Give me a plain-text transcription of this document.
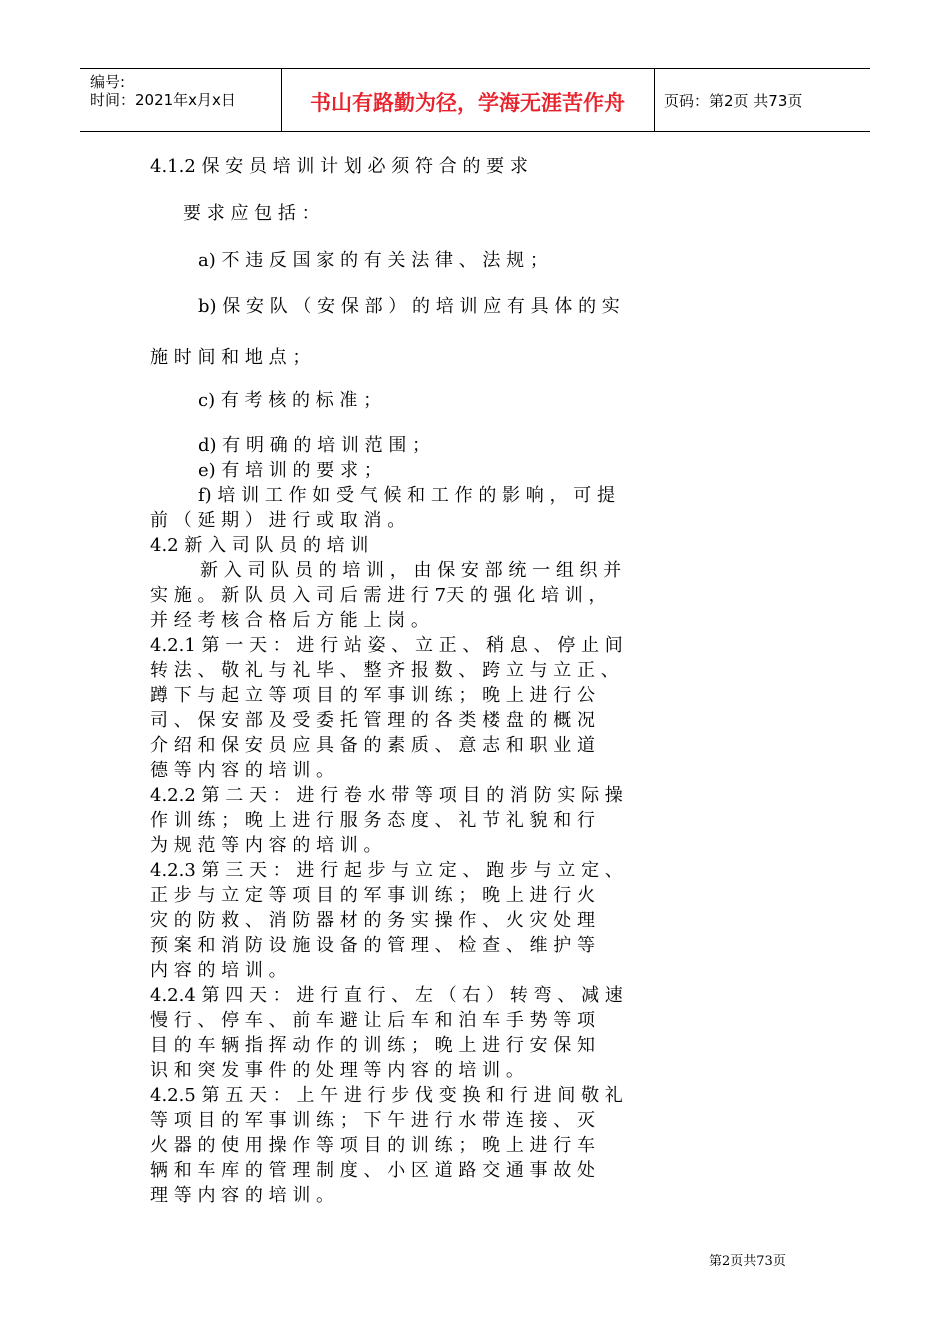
编号:
时间：2021年x月x日	书山有路勤为径，学海无涯苦作舟	页码：第2页 共73页
4.1.2 保 安 员 培 训 计 划 必 须 符 合 的 要 求
要 求 应 包 括 ：
a) 不 违 反 国 家 的 有 关 法 律 、 法 规 ；
b) 保 安 队 （ 安 保 部 ） 的 培 训 应 有 具 体 的 实
施 时 间 和 地 点 ；
c) 有 考 核 的 标 准 ；
d) 有 明 确 的 培 训 范 围 ；
e) 有 培 训 的 要 求 ；
f) 培 训 工 作 如 受 气 候 和 工 作 的 影 响 ， 可 提
前 （ 延 期 ） 进 行 或 取 消 。
4.2 新 入 司 队 员 的 培 训
新 入 司 队 员 的 培 训 ， 由 保 安 部 统 一 组 织 并
实 施 。 新 队 员 入 司 后 需 进 行 7天 的 强 化 培 训 ，
并 经 考 核 合 格 后 方 能 上 岗 。
4.2.1 第 一 天 ： 进 行 站 姿 、 立 正 、 稍 息 、 停 止 间
转 法 、 敬 礼 与 礼 毕 、 整 齐 报 数 、 跨 立 与 立 正 、
蹲 下 与 起 立 等 项 目 的 军 事 训 练 ； 晚 上 进 行 公
司 、 保 安 部 及 受 委 托 管 理 的 各 类 楼 盘 的 概 况
介 绍 和 保 安 员 应 具 备 的 素 质 、 意 志 和 职 业 道
德 等 内 容 的 培 训 。
4.2.2 第 二 天 ： 进 行 卷 水 带 等 项 目 的 消 防 实 际 操
作 训 练 ； 晚 上 进 行 服 务 态 度 、 礼 节 礼 貌 和 行
为 规 范 等 内 容 的 培 训 。
4.2.3 第 三 天 ： 进 行 起 步 与 立 定 、 跑 步 与 立 定 、
正 步 与 立 定 等 项 目 的 军 事 训 练 ； 晚 上 进 行 火
灾 的 防 救 、 消 防 器 材 的 务 实 操 作 、 火 灾 处 理
预 案 和 消 防 设 施 设 备 的 管 理 、 检 查 、 维 护 等
内 容 的 培 训 。
4.2.4 第 四 天 ： 进 行 直 行 、 左 （ 右 ） 转 弯 、 减 速
慢 行 、 停 车 、 前 车 避 让 后 车 和 泊 车 手 势 等 项
目 的 车 辆 指 挥 动 作 的 训 练 ； 晚 上 进 行 安 保 知
识 和 突 发 事 件 的 处 理 等 内 容 的 培 训 。
4.2.5 第 五 天 ： 上 午 进 行 步 伐 变 换 和 行 进 间 敬 礼
等 项 目 的 军 事 训 练 ； 下 午 进 行 水 带 连 接 、 灭
火 器 的 使 用 操 作 等 项 目 的 训 练 ； 晚 上 进 行 车
辆 和 车 库 的 管 理 制 度 、 小 区 道 路 交 通 事 故 处
理 等 内 容 的 培 训 。
第2页共73页
